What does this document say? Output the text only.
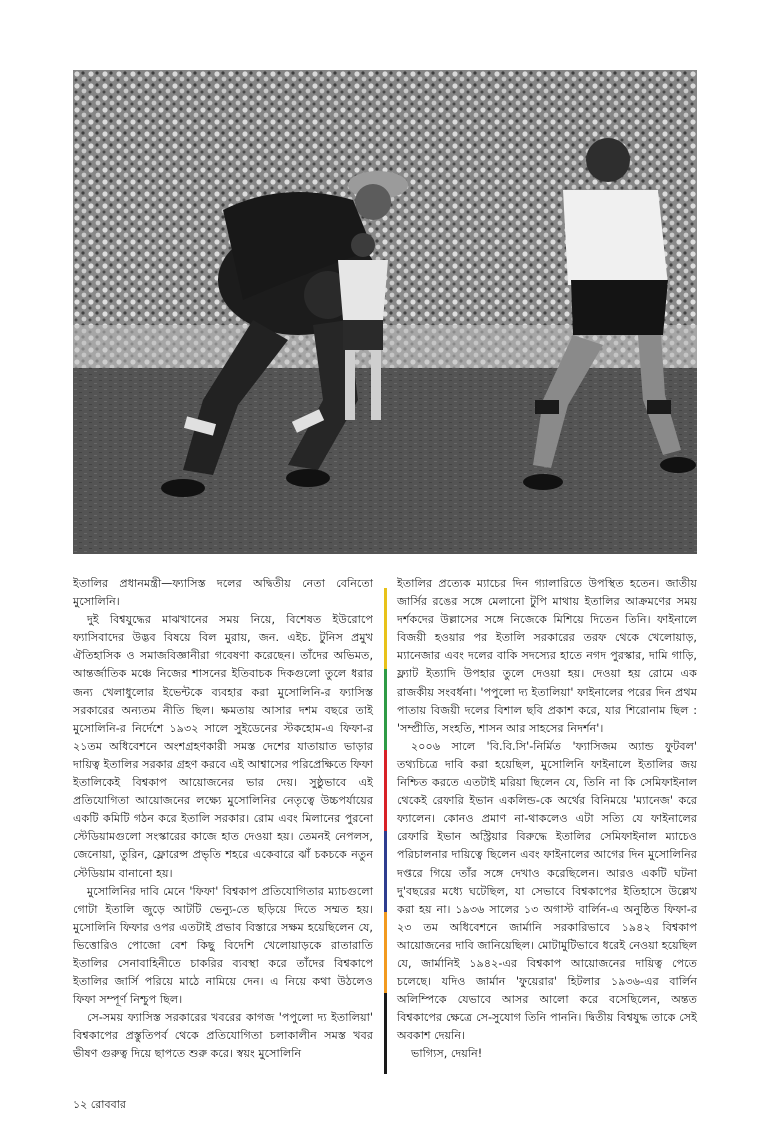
ইতালির প্রধানমন্ত্রী—ফ্যাসিস্ত দলের অদ্বিতীয় নেতা বেনিতো মুসোলিনি।

দুই বিশ্বযুদ্ধের মাঝখানের সময় নিয়ে, বিশেষত ইউরোপে ফ্যাসিবাদের উদ্ভব বিষয়ে বিল মুরায়, জন. এইচ. টুনিস প্রমুখ ঐতিহাসিক ও সমাজবিজ্ঞানীরা গবেষণা করেছেন। তাঁদের অভিমত, আন্তর্জাতিক মঞ্চে নিজের শাসনের ইতিবাচক দিকগুলো তুলে ধরার জন্য খেলাধুলোর ইভেন্টকে ব্যবহার করা মুসোলিনি-র ফ্যাসিস্ত সরকারের অন্যতম নীতি ছিল। ক্ষমতায় আসার দশম বছরে তাই মুসোলিনি-র নির্দেশে ১৯৩২ সালে সুইডেনের স্টকহোম-এ ফিফা-র ২১তম অধিবেশনে অংশগ্রহণকারী সমস্ত দেশের যাতায়াত ভাড়ার দায়িত্ব ইতালির সরকার গ্রহণ করবে এই আশ্বাসের পরিপ্রেক্ষিতে ফিফা ইতালিকেই বিশ্বকাপ আয়োজনের ভার দেয়। সুষ্ঠুভাবে এই প্রতিযোগিতা আয়োজনের লক্ষ্যে মুসোলিনির নেতৃত্বে উচ্চপর্যায়ের একটি কমিটি গঠন করে ইতালি সরকার। রোম এবং মিলানের পুরনো স্টেডিয়ামগুলো সংস্কারের কাজে হাত দেওয়া হয়। তেমনই নেপলস, জেনোয়া, তুরিন, ফ্লোরেন্স প্রভৃতি শহরে একেবারে ঝাঁ চকচকে নতুন স্টেডিয়াম বানানো হয়।

মুসোলিনির দাবি মেনে 'ফিফা' বিশ্বকাপ প্রতিযোগিতার ম্যাচগুলো গোটা ইতালি জুড়ে আটটি ভেন্যু-তে ছড়িয়ে দিতে সম্মত হয়। মুসোলিনি ফিফার ওপর এতটাই প্রভাব বিস্তারে সক্ষম হয়েছিলেন যে, ভিত্তোরিও পোজো বেশ কিছু বিদেশি খেলোয়াড়কে রাতারাতি ইতালির সেনাবাহিনীতে চাকরির ব্যবস্থা করে তাঁদের বিশ্বকাপে ইতালির জার্সি পরিয়ে মাঠে নামিয়ে দেন। এ নিয়ে কথা উঠলেও ফিফা সম্পূর্ণ নিশ্চুপ ছিল।

সে-সময় ফ্যাসিস্ত সরকারের খবরের কাগজ 'পপুলো দ্য ইতালিয়া' বিশ্বকাপের প্রস্তুতিপর্ব থেকে প্রতিযোগিতা চলাকালীন সমস্ত খবর ভীষণ গুরুত্ব দিয়ে ছাপতে শুরু করে। স্বয়ং মুসোলিনি

ইতালির প্রত্যেক ম্যাচের দিন গ্যালারিতে উপস্থিত হতেন। জাতীয় জার্সির রঙের সঙ্গে মেলানো টুপি মাথায় ইতালির আক্রমণের সময় দর্শকদের উল্লাসের সঙ্গে নিজেকে মিশিয়ে দিতেন তিনি। ফাইনালে বিজয়ী হওয়ার পর ইতালি সরকারের তরফ থেকে খেলোয়াড়, ম্যানেজার এবং দলের বাকি সদস্যের হাতে নগদ পুরস্কার, দামি গাড়ি, ফ্ল্যাট ইত্যাদি উপহার তুলে দেওয়া হয়। দেওয়া হয় রোমে এক রাজকীয় সংবর্ধনা। 'পপুলো দ্য ইতালিয়া' ফাইনালের পরের দিন প্রথম পাতায় বিজয়ী দলের বিশাল ছবি প্রকাশ করে, যার শিরোনাম ছিল : 'সম্প্রীতি, সংহতি, শাসন আর সাহসের নিদর্শন'।

২০০৬ সালে 'বি.বি.সি'-নির্মিত 'ফ্যাসিজম অ্যান্ড ফুটবল' তথ্যচিত্রে দাবি করা হয়েছিল, মুসোলিনি ফাইনালে ইতালির জয় নিশ্চিত করতে এতটাই মরিয়া ছিলেন যে, তিনি না কি সেমিফাইনাল থেকেই রেফারি ইভান একলিন্ড-কে অর্থের বিনিময়ে 'ম্যানেজ' করে ফ্যালেন। কোনও প্রমাণ না-থাকলেও এটা সত্যি যে ফাইনালের রেফারি ইভান অস্ট্রিয়ার বিরুদ্ধে ইতালির সেমিফাইনাল ম্যাচেও পরিচালনার দায়িত্বে ছিলেন এবং ফাইনালের আগের দিন মুসোলিনির দপ্তরে গিয়ে তাঁর সঙ্গে দেখাও করেছিলেন। আরও একটি ঘটনা দু'বছরের মধ্যে ঘটেছিল, যা সেভাবে বিশ্বকাপের ইতিহাসে উল্লেখ করা হয় না। ১৯৩৬ সালের ১৩ অগাস্ট বার্লিন-এ অনুষ্ঠিত ফিফা-র ২৩ তম অধিবেশনে জার্মানি সরকারিভাবে ১৯৪২ বিশ্বকাপ আয়োজনের দাবি জানিয়েছিল। মোটামুটিভাবে ধরেই নেওয়া হয়েছিল যে, জার্মানিই ১৯৪২-এর বিশ্বকাপ আয়োজনের দায়িত্ব পেতে চলেছে। যদিও জার্মান 'ফুয়েরার' হিটলার ১৯৩৬-এর বার্লিন অলিম্পিকে যেভাবে আসর আলো করে বসেছিলেন, অন্তত বিশ্বকাপের ক্ষেত্রে সে-সুযোগ তিনি পাননি। দ্বিতীয় বিশ্বযুদ্ধ তাকে সেই অবকাশ দেয়নি।

ভাগ্যিস, দেয়নি!

১২ রোববার
